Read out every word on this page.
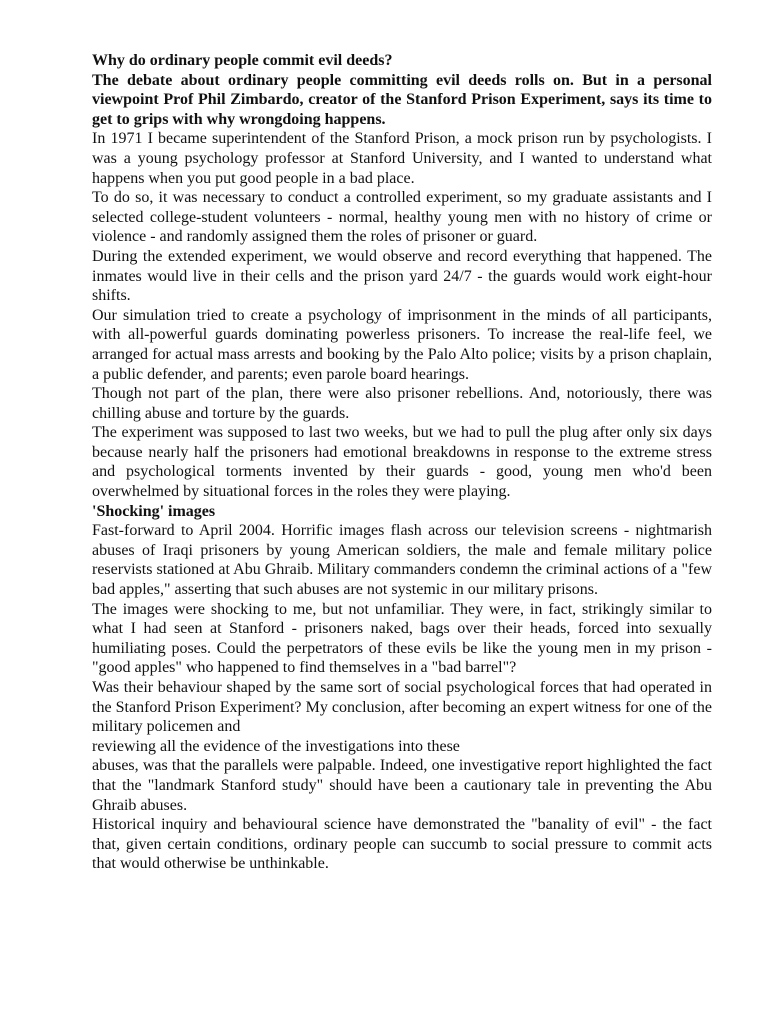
Why do ordinary people commit evil deeds?

The debate about ordinary people committing evil deeds rolls on. But in a personal viewpoint Prof Phil Zimbardo, creator of the Stanford Prison Experiment, says its time to get to grips with why wrongdoing happens.

In 1971 I became superintendent of the Stanford Prison, a mock prison run by psychologists. I was a young psychology professor at Stanford University, and I wanted to understand what happens when you put good people in a bad place.

To do so, it was necessary to conduct a controlled experiment, so my graduate assistants and I selected college-student volunteers - normal, healthy young men with no history of crime or violence - and randomly assigned them the roles of prisoner or guard.

During the extended experiment, we would observe and record everything that happened. The inmates would live in their cells and the prison yard 24/7 - the guards would work eight-hour shifts.

Our simulation tried to create a psychology of imprisonment in the minds of all participants, with all-powerful guards dominating powerless prisoners. To increase the real-life feel, we arranged for actual mass arrests and booking by the Palo Alto police; visits by a prison chaplain, a public defender, and parents; even parole board hearings.

Though not part of the plan, there were also prisoner rebellions. And, notoriously, there was chilling abuse and torture by the guards.

The experiment was supposed to last two weeks, but we had to pull the plug after only six days because nearly half the prisoners had emotional breakdowns in response to the extreme stress and psychological torments invented by their guards - good, young men who'd been overwhelmed by situational forces in the roles they were playing.

'Shocking' images

Fast-forward to April 2004. Horrific images flash across our television screens - nightmarish abuses of Iraqi prisoners by young American soldiers, the male and female military police reservists stationed at Abu Ghraib. Military commanders condemn the criminal actions of a "few bad apples," asserting that such abuses are not systemic in our military prisons.

The images were shocking to me, but not unfamiliar. They were, in fact, strikingly similar to what I had seen at Stanford - prisoners naked, bags over their heads, forced into sexually humiliating poses. Could the perpetrators of these evils be like the young men in my prison - "good apples" who happened to find themselves in a "bad barrel"?

Was their behaviour shaped by the same sort of social psychological forces that had operated in the Stanford Prison Experiment? My conclusion, after becoming an expert witness for one of the military policemen and

reviewing all the evidence of the investigations into these

abuses, was that the parallels were palpable. Indeed, one investigative report highlighted the fact that the "landmark Stanford study" should have been a cautionary tale in preventing the Abu Ghraib abuses.

Historical inquiry and behavioural science have demonstrated the "banality of evil" - the fact that, given certain conditions, ordinary people can succumb to social pressure to commit acts that would otherwise be unthinkable.
